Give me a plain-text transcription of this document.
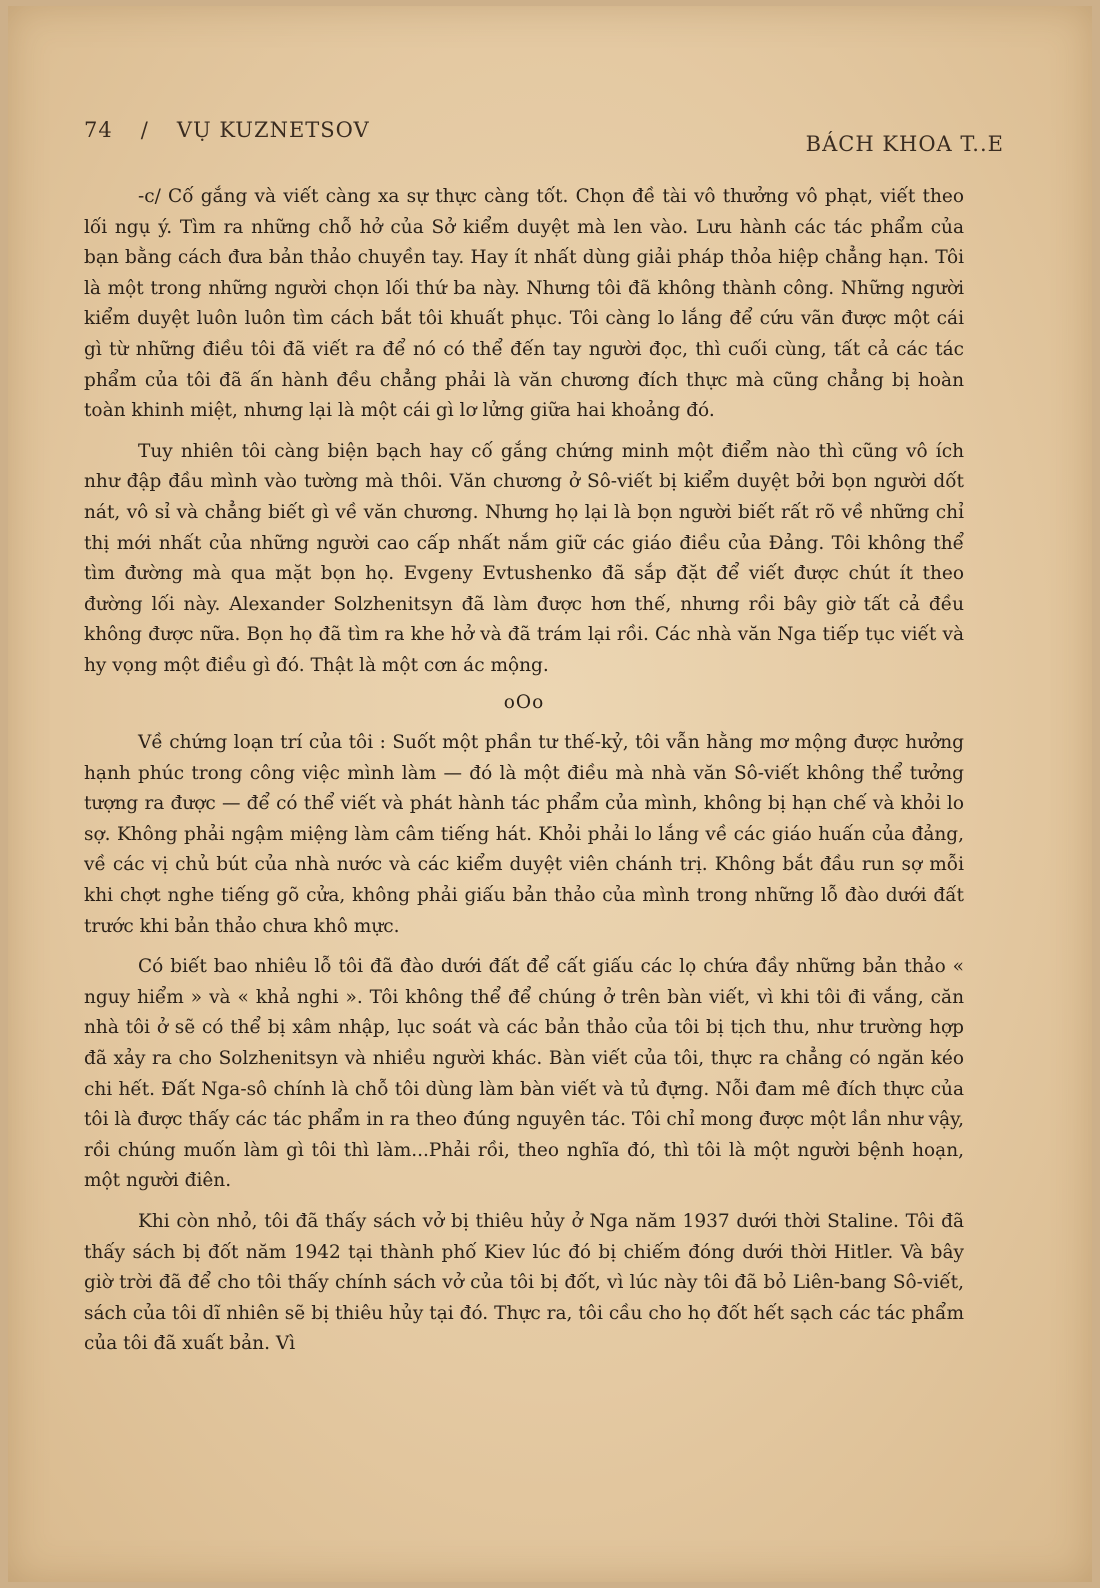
74 / VỤ KUZNETSOV
BÁCH KHOA T..E

-c/ Cố gắng và viết càng xa sự thực càng tốt. Chọn đề tài vô thưởng vô phạt, viết theo lối ngụ ý. Tìm ra những chỗ hở của Sở kiểm duyệt mà len vào. Lưu hành các tác phẩm của bạn bằng cách đưa bản thảo chuyền tay. Hay ít nhất dùng giải pháp thỏa hiệp chẳng hạn. Tôi là một trong những người chọn lối thứ ba này. Nhưng tôi đã không thành công. Những người kiểm duyệt luôn luôn tìm cách bắt tôi khuất phục. Tôi càng lo lắng để cứu vãn được một cái gì từ những điều tôi đã viết ra để nó có thể đến tay người đọc, thì cuối cùng, tất cả các tác phẩm của tôi đã ấn hành đều chẳng phải là văn chương đích thực mà cũng chẳng bị hoàn toàn khinh miệt, nhưng lại là một cái gì lơ lửng giữa hai khoảng đó.

Tuy nhiên tôi càng biện bạch hay cố gắng chứng minh một điểm nào thì cũng vô ích như đập đầu mình vào tường mà thôi. Văn chương ở Sô-viết bị kiểm duyệt bởi bọn người dốt nát, vô sỉ và chẳng biết gì về văn chương. Nhưng họ lại là bọn người biết rất rõ về những chỉ thị mới nhất của những người cao cấp nhất nắm giữ các giáo điều của Đảng. Tôi không thể tìm đường mà qua mặt bọn họ. Evgeny Evtushenko đã sắp đặt để viết được chút ít theo đường lối này. Alexander Solzhenitsyn đã làm được hơn thế, nhưng rồi bây giờ tất cả đều không được nữa. Bọn họ đã tìm ra khe hở và đã trám lại rồi. Các nhà văn Nga tiếp tục viết và hy vọng một điều gì đó. Thật là một cơn ác mộng.

oOo

Về chứng loạn trí của tôi : Suốt một phần tư thế-kỷ, tôi vẫn hằng mơ mộng được hưởng hạnh phúc trong công việc mình làm — đó là một điều mà nhà văn Sô-viết không thể tưởng tượng ra được — để có thể viết và phát hành tác phẩm của mình, không bị hạn chế và khỏi lo sợ. Không phải ngậm miệng làm câm tiếng hát. Khỏi phải lo lắng về các giáo huấn của đảng, về các vị chủ bút của nhà nước và các kiểm duyệt viên chánh trị. Không bắt đầu run sợ mỗi khi chợt nghe tiếng gõ cửa, không phải giấu bản thảo của mình trong những lỗ đào dưới đất trước khi bản thảo chưa khô mực.

Có biết bao nhiêu lỗ tôi đã đào dưới đất để cất giấu các lọ chứa đầy những bản thảo « nguy hiểm » và « khả nghi ». Tôi không thể để chúng ở trên bàn viết, vì khi tôi đi vắng, căn nhà tôi ở sẽ có thể bị xâm nhập, lục soát và các bản thảo của tôi bị tịch thu, như trường hợp đã xảy ra cho Solzhenitsyn và nhiều người khác. Bàn viết của tôi, thực ra chẳng có ngăn kéo chi hết. Đất Nga-sô chính là chỗ tôi dùng làm bàn viết và tủ đựng. Nỗi đam mê đích thực của tôi là được thấy các tác phẩm in ra theo đúng nguyên tác. Tôi chỉ mong được một lần như vậy, rồi chúng muốn làm gì tôi thì làm...Phải rồi, theo nghĩa đó, thì tôi là một người bệnh hoạn, một người điên.

Khi còn nhỏ, tôi đã thấy sách vở bị thiêu hủy ở Nga năm 1937 dưới thời Staline. Tôi đã thấy sách bị đốt năm 1942 tại thành phố Kiev lúc đó bị chiếm đóng dưới thời Hitler. Và bây giờ trời đã để cho tôi thấy chính sách vở của tôi bị đốt, vì lúc này tôi đã bỏ Liên-bang Sô-viết, sách của tôi dĩ nhiên sẽ bị thiêu hủy tại đó. Thực ra, tôi cầu cho họ đốt hết sạch các tác phẩm của tôi đã xuất bản. Vì
